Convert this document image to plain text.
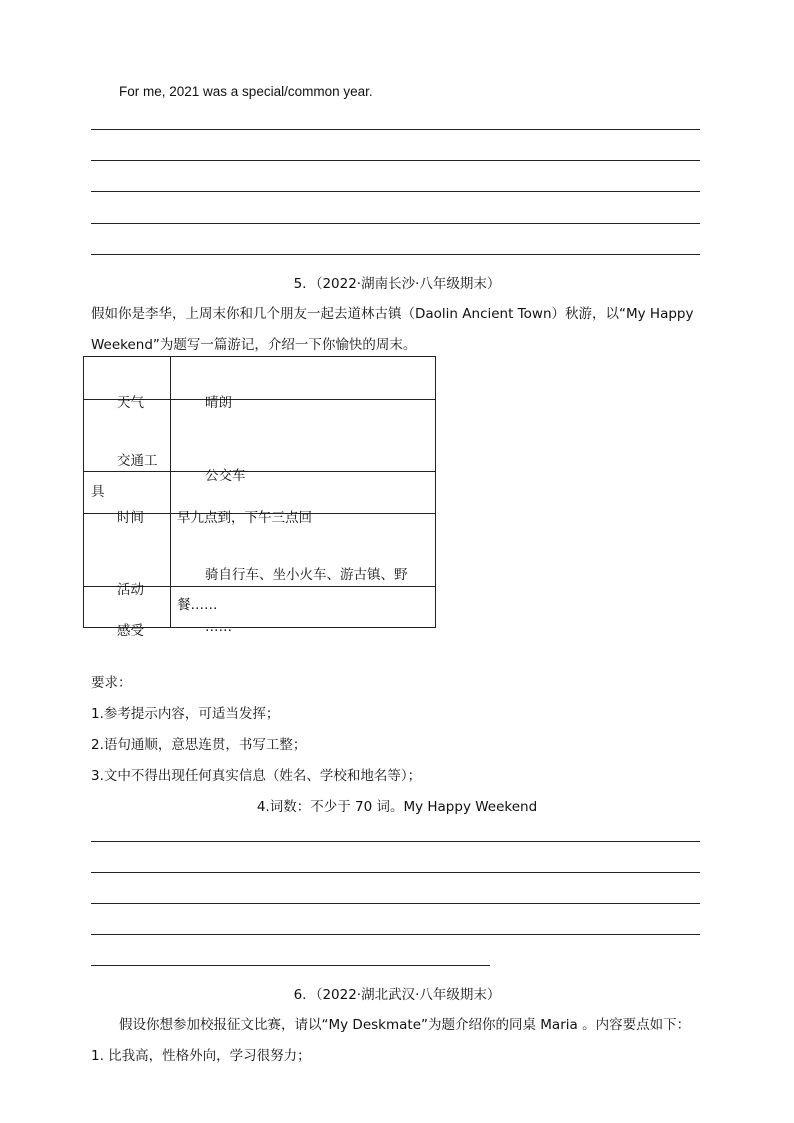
For me, 2021 was a special/common year.
5．（2022·湖南长沙·八年级期末）
假如你是李华，上周末你和几个朋友一起去道林古镇（Daolin Ancient Town）秋游，以“My Happy
Weekend”为题写一篇游记，介绍一下你愉快的周末。
天气	晴朗

交通工
具	公交车

时间	早九点到，下午三点回

活动	骑自行车、坐小火车、游古镇、野
餐……

感受	……
要求：
1.参考提示内容，可适当发挥；
2.语句通顺，意思连贯，书写工整；
3.文中不得出现任何真实信息（姓名、学校和地名等）；
4.词数：不少于 70 词。My Happy Weekend
6．（2022·湖北武汉·八年级期末）
假设你想参加校报征文比赛，请以“My Deskmate”为题介绍你的同桌 Maria 。内容要点如下：
1. 比我高，性格外向，学习很努力；
